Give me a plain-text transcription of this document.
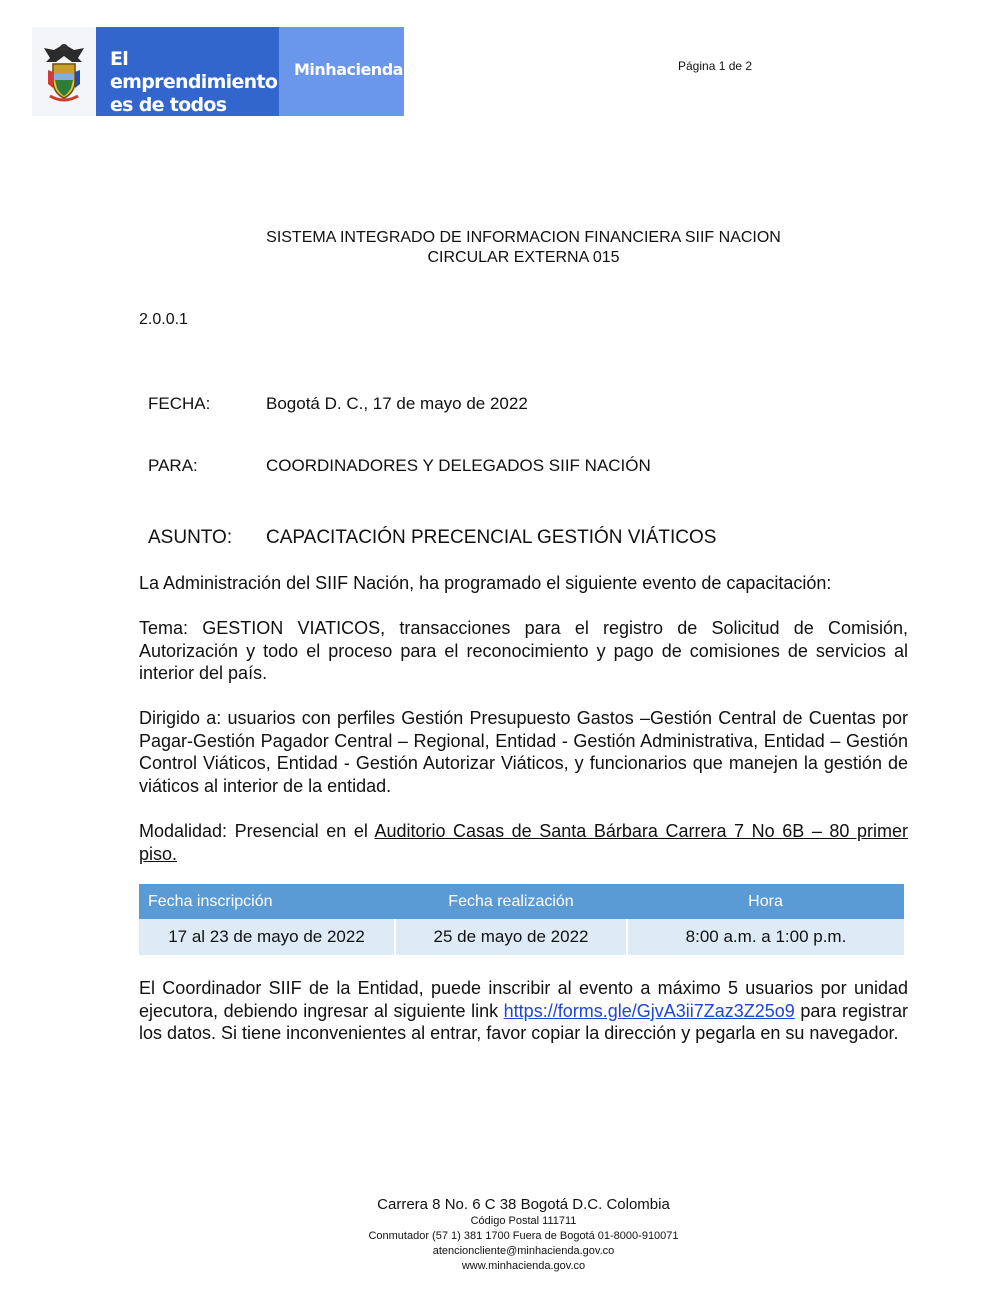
El emprendimiento
es de todos
Minhacienda	Página 1 de 2
SISTEMA INTEGRADO DE INFORMACION FINANCIERA SIIF NACION
CIRCULAR EXTERNA 015
2.0.0.1
FECHA:	Bogotá D. C., 17 de mayo de 2022
PARA:	COORDINADORES Y DELEGADOS SIIF NACIÓN
ASUNTO: CAPACITACIÓN PRECENCIAL GESTIÓN VIÁTICOS
La Administración del SIIF Nación, ha programado el siguiente evento de capacitación:
Tema: GESTION VIATICOS, transacciones para el registro de Solicitud de Comisión, Autorización y todo el proceso para el reconocimiento y pago de comisiones de servicios al interior del país.
Dirigido a: usuarios con perfiles Gestión Presupuesto Gastos –Gestión Central de Cuentas por Pagar-Gestión Pagador Central – Regional, Entidad - Gestión Administrativa, Entidad – Gestión Control Viáticos, Entidad - Gestión Autorizar Viáticos, y funcionarios que manejen la gestión de viáticos al interior de la entidad.
Modalidad: Presencial en el Auditorio Casas de Santa Bárbara Carrera 7 No 6B – 80 primer piso.
Fecha inscripción	Fecha realización	Hora
17 al 23 de mayo de 2022	25 de mayo de 2022	8:00 a.m. a 1:00 p.m.
El Coordinador SIIF de la Entidad, puede inscribir al evento a máximo 5 usuarios por unidad ejecutora, debiendo ingresar al siguiente link https://forms.gle/GjvA3ii7Zaz3Z25o9 para registrar los datos. Si tiene inconvenientes al entrar, favor copiar la dirección y pegarla en su navegador.
Carrera 8 No. 6 C 38 Bogotá D.C. Colombia
Código Postal 111711
Conmutador (57 1) 381 1700 Fuera de Bogotá 01-8000-910071
atencioncliente@minhacienda.gov.co
www.minhacienda.gov.co
